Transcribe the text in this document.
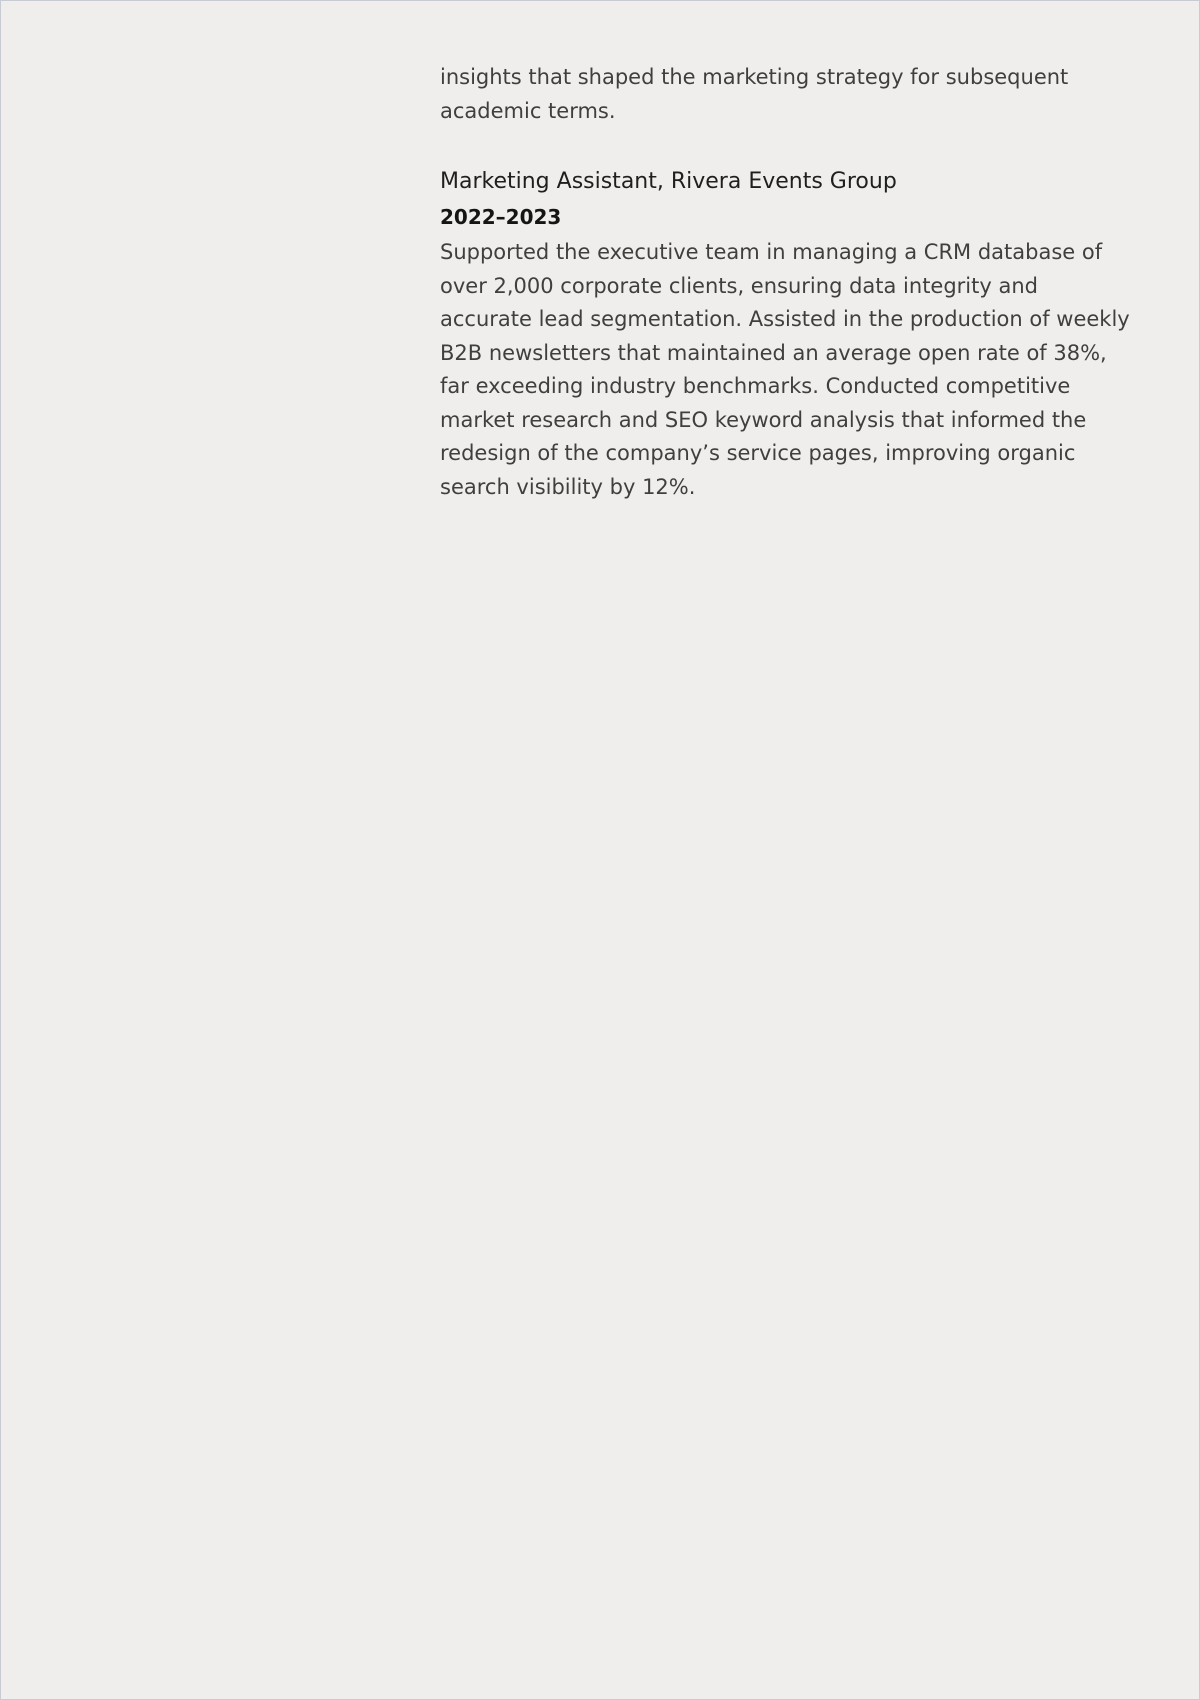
insights that shaped the marketing strategy for subsequent academic terms.

Marketing Assistant, Rivera Events Group
2022–2023

Supported the executive team in managing a CRM database of over 2,000 corporate clients, ensuring data integrity and accurate lead segmentation. Assisted in the production of weekly B2B newsletters that maintained an average open rate of 38%, far exceeding industry benchmarks. Conducted competitive market research and SEO keyword analysis that informed the redesign of the company’s service pages, improving organic search visibility by 12%.
